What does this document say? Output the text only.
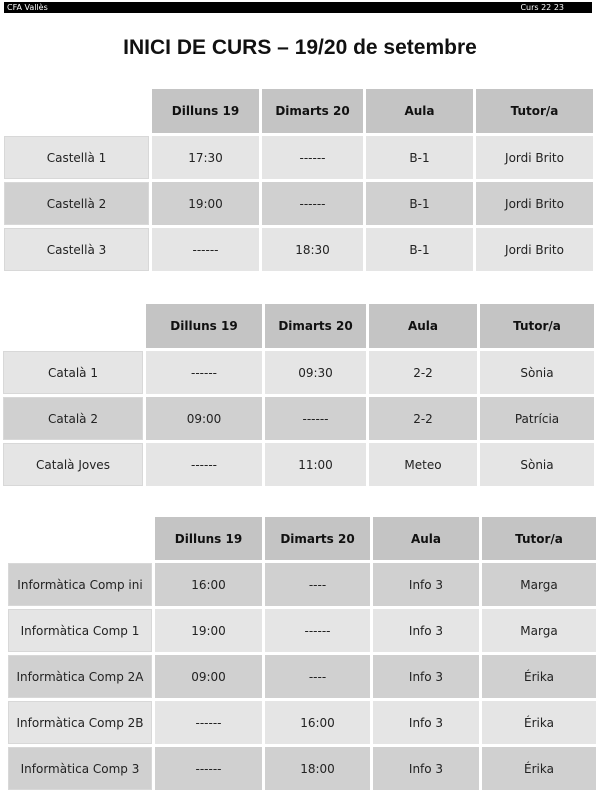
CFA Vallès	Curs 22 23
INICI DE CURS – 19/20 de setembre
	Dilluns 19	Dimarts 20	Aula	Tutor/a
Castellà 1	17:30	------	B-1	Jordi Brito
Castellà 2	19:00	------	B-1	Jordi Brito
Castellà 3	------	18:30	B-1	Jordi Brito
	Dilluns 19	Dimarts 20	Aula	Tutor/a
Català 1	------	09:30	2-2	Sònia
Català 2	09:00	------	2-2	Patrícia
Català Joves	------	11:00	Meteo	Sònia
	Dilluns 19	Dimarts 20	Aula	Tutor/a
Informàtica Comp ini	16:00	----	Info 3	Marga
Informàtica Comp 1	19:00	------	Info 3	Marga
Informàtica Comp 2A	09:00	----	Info 3	Érika
Informàtica Comp 2B	------	16:00	Info 3	Érika
Informàtica Comp 3	------	18:00	Info 3	Érika
